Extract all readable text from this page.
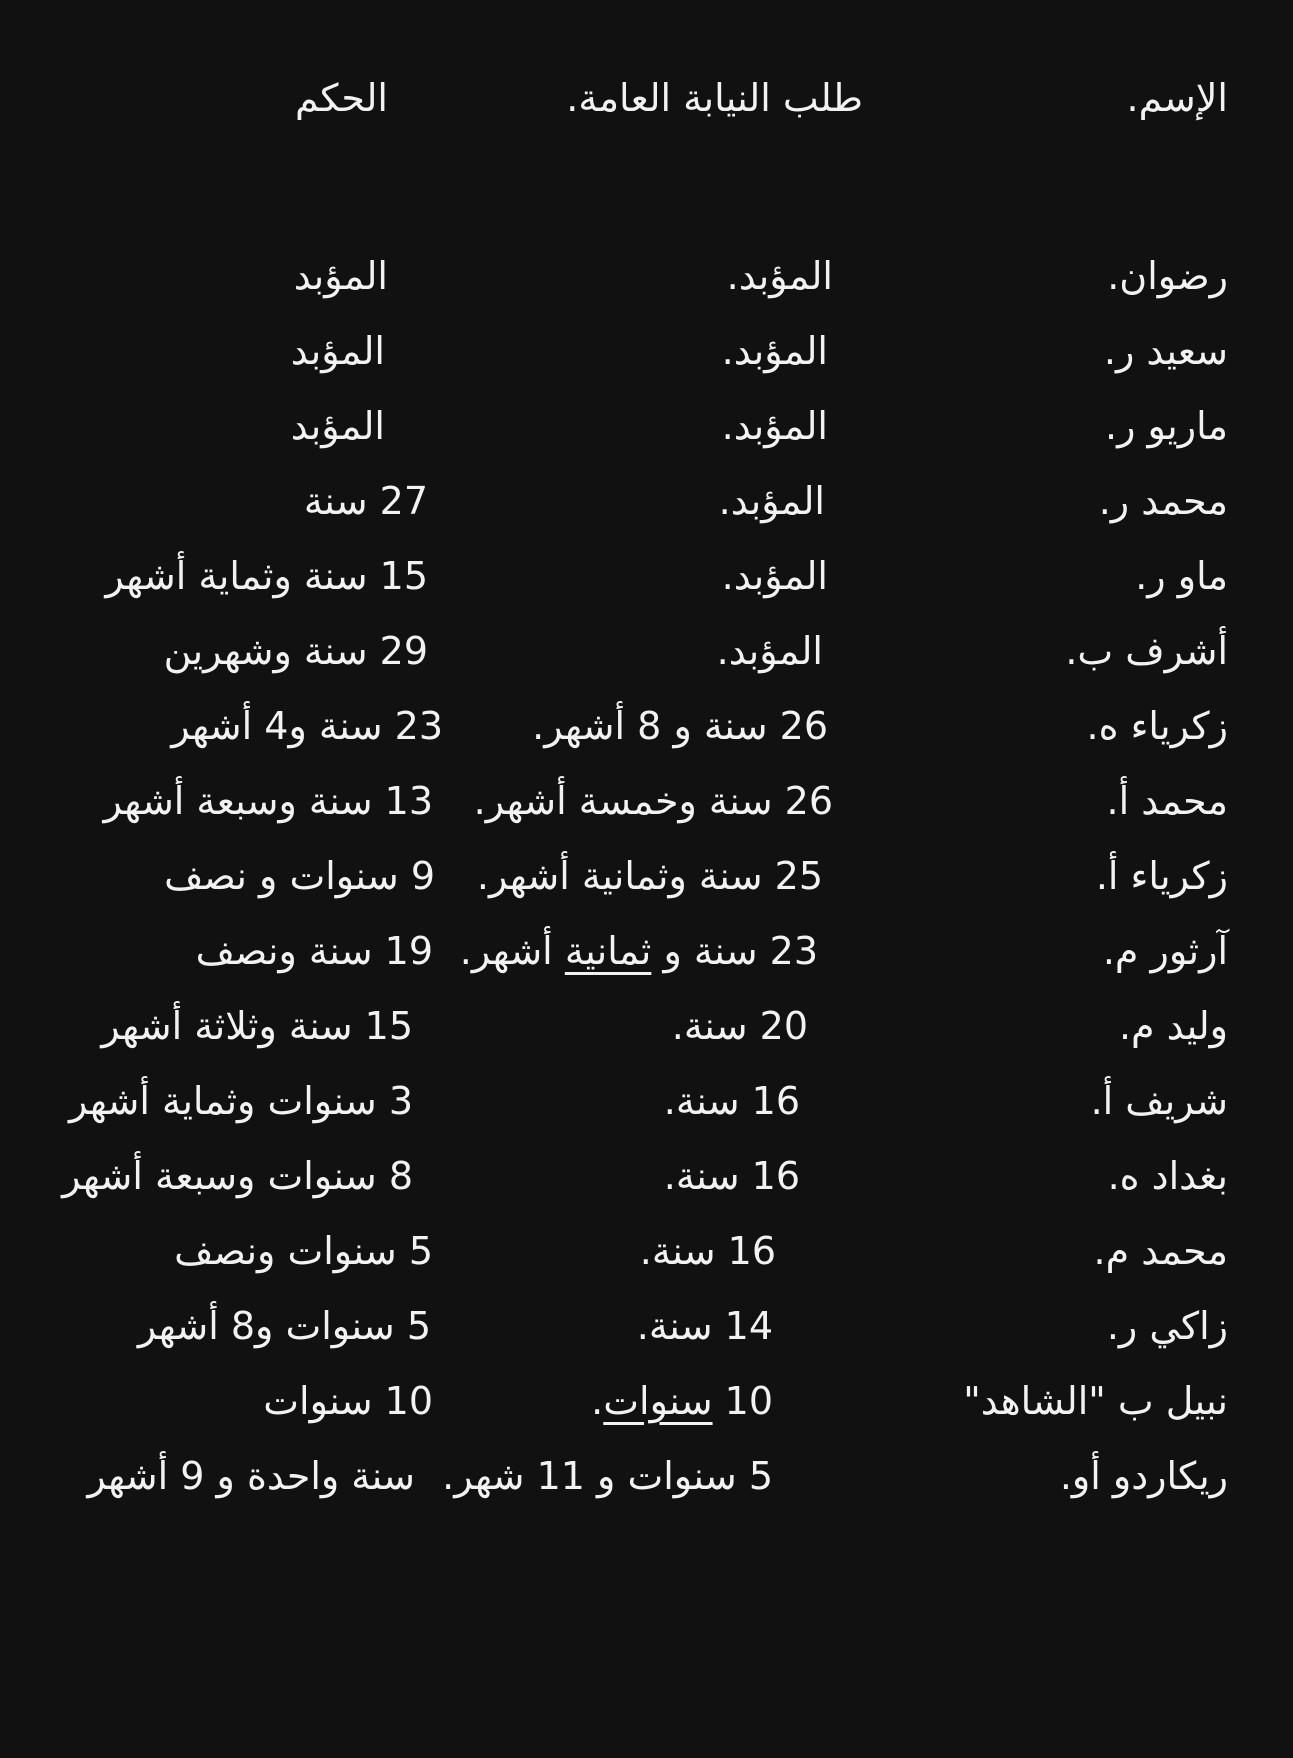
الإسم.
طلب النيابة العامة.
الحكم
رضوان.
المؤبد.
المؤبد
سعيد ر.
المؤبد.
المؤبد
ماريو ر.
المؤبد.
المؤبد
محمد ر.
المؤبد.
27 سنة
ماو ر.
المؤبد.
15 سنة وثماية أشهر
أشرف ب.
المؤبد.
29 سنة وشهرين
زكرياء ه.
26 سنة و 8 أشهر.
23 سنة و4 أشهر
محمد أ.
26 سنة وخمسة أشهر.
13 سنة وسبعة أشهر
زكرياء أ.
25 سنة وثمانية أشهر.
9 سنوات و نصف
آرثور م.
23 سنة و ثمانية أشهر.
19 سنة ونصف
وليد م.
20 سنة.
15 سنة وثلاثة أشهر
شريف أ.
16 سنة.
3 سنوات وثماية أشهر
بغداد ه.
16 سنة.
8 سنوات وسبعة أشهر
محمد م.
16 سنة.
5 سنوات ونصف
زاكي ر.
14 سنة.
5 سنوات و8 أشهر
نبيل ب "الشاهد"
10 سنوات.
10 سنوات
ريكاردو أو.
5 سنوات و 11 شهر.
سنة واحدة و 9 أشهر
